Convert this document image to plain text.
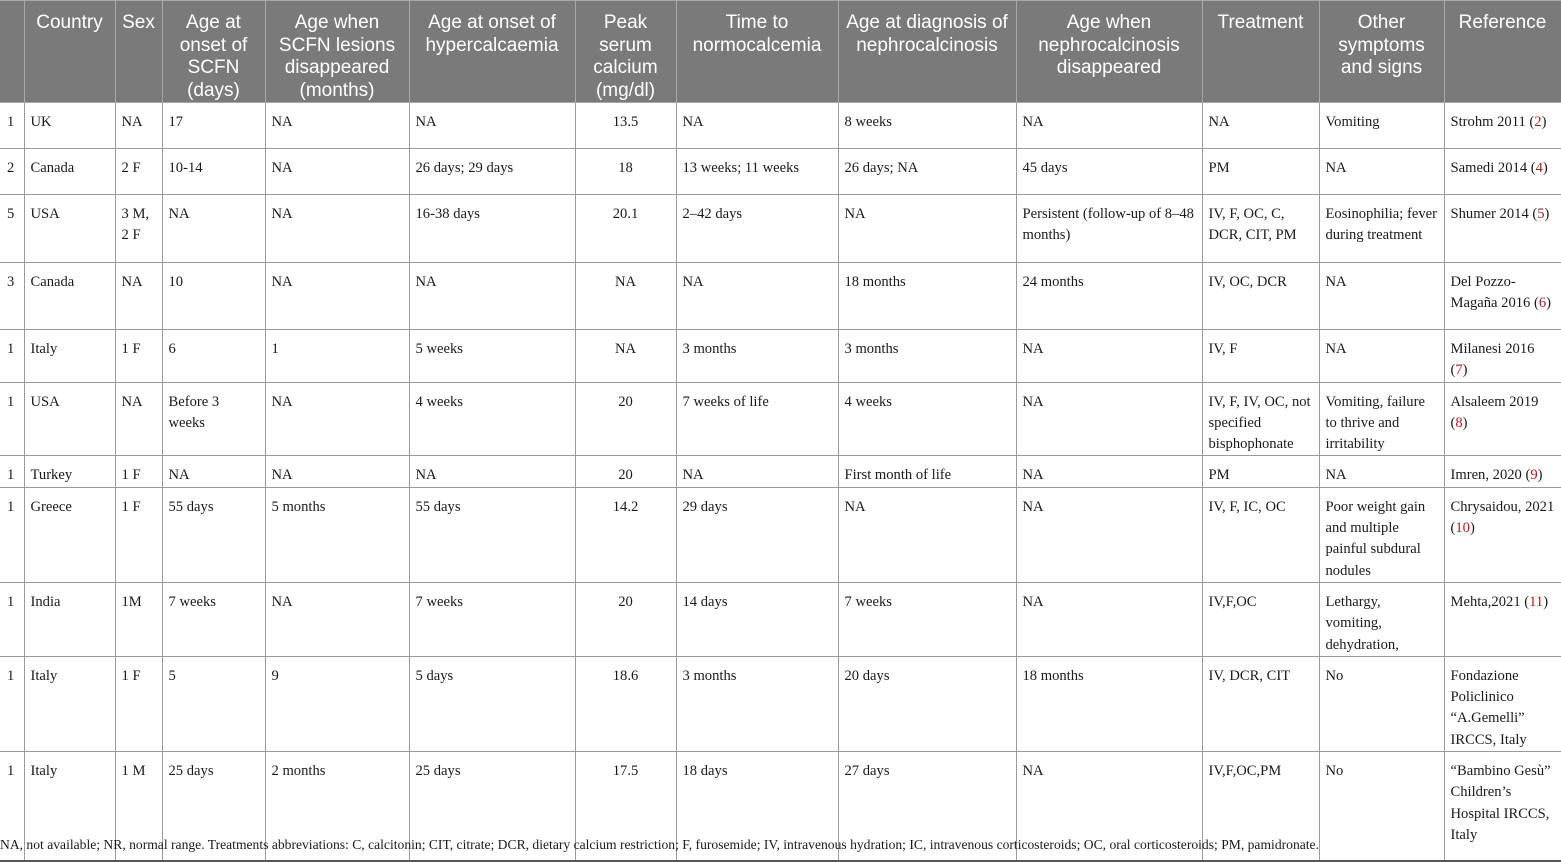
	Country	Sex	Age at onset of SCFN (days)	Age when SCFN lesions disappeared (months)	Age at onset of hypercalcaemia	Peak serum calcium (mg/dl)	Time to normocalcemia	Age at diagnosis of nephrocalcinosis	Age when nephrocalcinosis disappeared	Treatment	Other symptoms and signs	Reference
1	UK	NA	17	NA	NA	13.5	NA	8 weeks	NA	NA	Vomiting	Strohm 2011 (2)
2	Canada	2 F	10-14	NA	26 days; 29 days	18	13 weeks; 11 weeks	26 days; NA	45 days	PM	NA	Samedi 2014 (4)
5	USA	3 M, 2 F	NA	NA	16-38 days	20.1	2–42 days	NA	Persistent (follow-up of 8–48 months)	IV, F, OC, C, DCR, CIT, PM	Eosinophilia; fever during treatment	Shumer 2014 (5)
3	Canada	NA	10	NA	NA	NA	NA	18 months	24 months	IV, OC, DCR	NA	Del Pozzo-Magaña 2016 (6)
1	Italy	1 F	6	1	5 weeks	NA	3 months	3 months	NA	IV, F	NA	Milanesi 2016 (7)
1	USA	NA	Before 3 weeks	NA	4 weeks	20	7 weeks of life	4 weeks	NA	IV, F, IV, OC, not specified bisphophonate	Vomiting, failure to thrive and irritability	Alsaleem 2019 (8)
1	Turkey	1 F	NA	NA	NA	20	NA	First month of life	NA	PM	NA	Imren, 2020 (9)
1	Greece	1 F	55 days	5 months	55 days	14.2	29 days	NA	NA	IV, F, IC, OC	Poor weight gain and multiple painful subdural nodules	Chrysaidou, 2021 (10)
1	India	1M	7 weeks	NA	7 weeks	20	14 days	7 weeks	NA	IV,F,OC	Lethargy, vomiting, dehydration,	Mehta,2021 (11)
1	Italy	1 F	5	9	5 days	18.6	3 months	20 days	18 months	IV, DCR, CIT	No	Fondazione Policlinico “A.Gemelli” IRCCS, Italy
1	Italy	1 M	25 days	2 months	25 days	17.5	18 days	27 days	NA	IV,F,OC,PM	No	“Bambino Gesù” Children’s Hospital IRCCS, Italy
NA, not available; NR, normal range. Treatments abbreviations: C, calcitonin; CIT, citrate; DCR, dietary calcium restriction; F, furosemide; IV, intravenous hydration; IC, intravenous corticosteroids; OC, oral corticosteroids; PM, pamidronate.
